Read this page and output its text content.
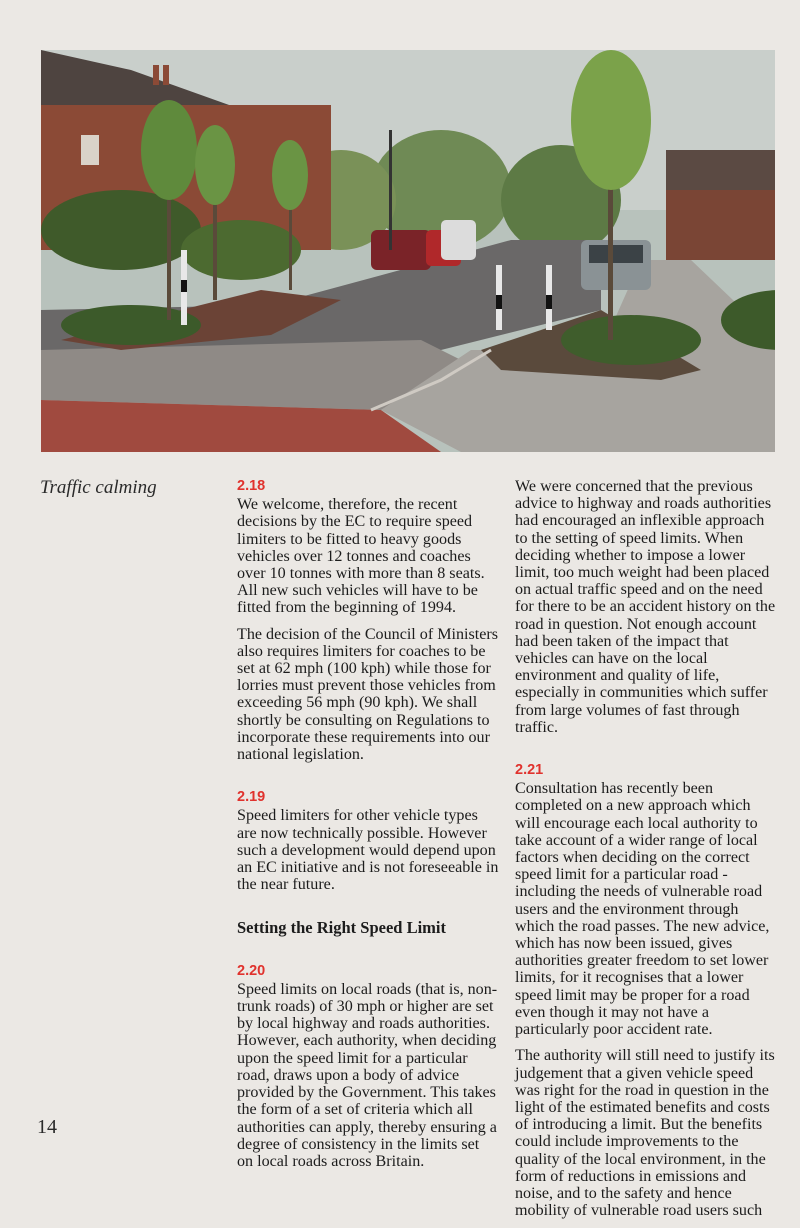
Traffic calming	2.18

We welcome, therefore, the recent decisions by the EC to require speed limiters to be fitted to heavy goods vehicles over 12 tonnes and coaches over 10 tonnes with more than 8 seats. All new such vehicles will have to be fitted from the beginning of 1994.

The decision of the Council of Ministers also requires limiters for coaches to be set at 62 mph (100 kph) while those for lorries must prevent those vehicles from exceeding 56 mph (90 kph). We shall shortly be consulting on Regulations to incorporate these requirements into our national legislation.

2.19

Speed limiters for other vehicle types are now technically possible. However such a development would depend upon an EC initiative and is not foreseeable in the near future.

Setting the Right Speed Limit
2.20

Speed limits on local roads (that is, non-trunk roads) of 30 mph or higher are set by local highway and roads authorities. However, each authority, when deciding upon the speed limit for a particular road, draws upon a body of advice provided by the Government. This takes the form of a set of criteria which all authorities can apply, thereby ensuring a degree of consistency in the limits set on local roads across Britain.

We were concerned that the previous advice to highway and roads authorities had encouraged an inflexible approach to the setting of speed limits. When deciding whether to impose a lower limit, too much weight had been placed on actual traffic speed and on the need for there to be an accident history on the road in question. Not enough account had been taken of the impact that vehicles can have on the local environment and quality of life, especially in communities which suffer from large volumes of fast through traffic.

2.21

Consultation has recently been completed on a new approach which will encourage each local authority to take account of a wider range of local factors when deciding on the correct speed limit for a particular road - including the needs of vulnerable road users and the environment through which the road passes. The new advice, which has now been issued, gives authorities greater freedom to set lower limits, for it recognises that a lower speed limit may be proper for a road even though it may not have a particularly poor accident rate.

The authority will still need to justify its judgement that a given vehicle speed was right for the road in question in the light of the estimated benefits and costs of introducing a limit. But the benefits could include improvements to the quality of the local environment, in the form of reductions in emissions and noise, and to the safety and hence mobility of vulnerable road users such

14
